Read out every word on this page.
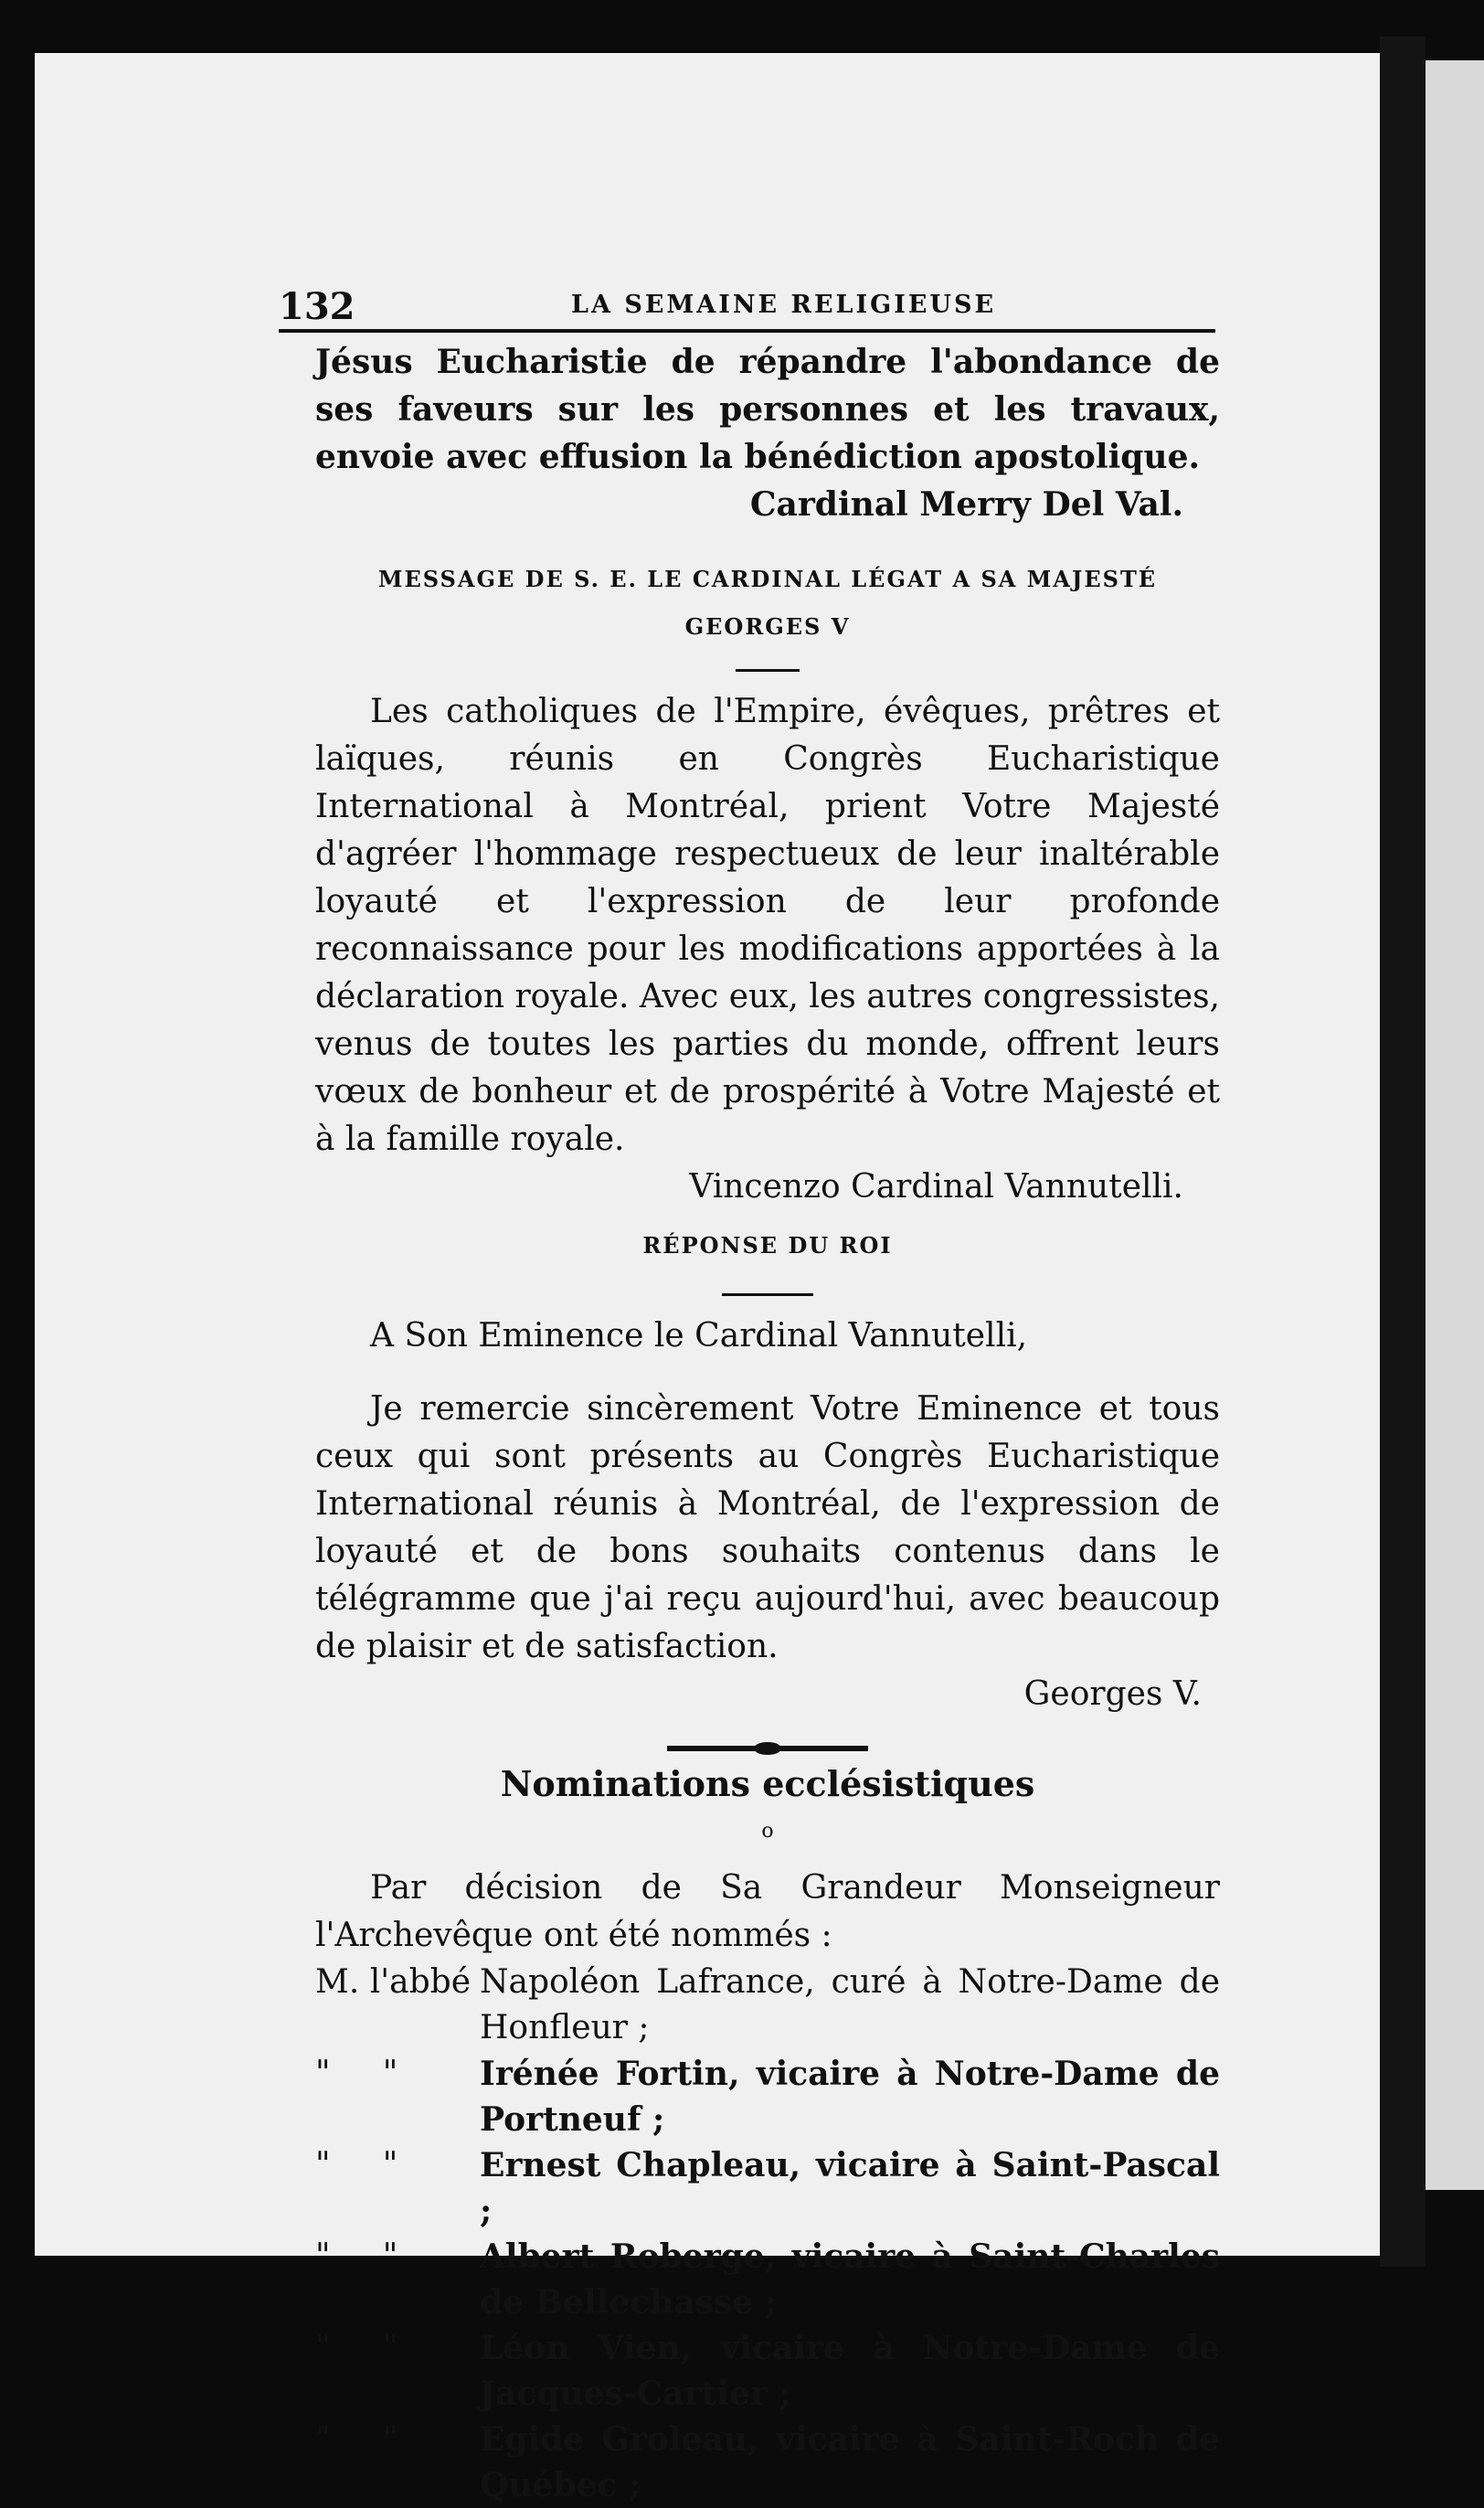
132	LA SEMAINE RELIGIEUSE

Jésus Eucharistie de répandre l'abondance de ses faveurs sur les personnes et les travaux, envoie avec effusion la bénédiction apostolique.

Cardinal Merry Del Val.

MESSAGE DE S. E. LE CARDINAL LÉGAT A SA MAJESTÉ GEORGES V

Les catholiques de l'Empire, évêques, prêtres et laïques, réunis en Congrès Eucharistique International à Montréal, prient Votre Majesté d'agréer l'hommage respectueux de leur inaltérable loyauté et l'expression de leur profonde reconnaissance pour les modifications apportées à la déclaration royale. Avec eux, les autres congressistes, venus de toutes les parties du monde, offrent leurs vœux de bonheur et de prospérité à Votre Majesté et à la famille royale.

Vincenzo Cardinal Vannutelli.

RÉPONSE DU ROI

A Son Eminence le Cardinal Vannutelli,

Je remercie sincèrement Votre Eminence et tous ceux qui sont présents au Congrès Eucharistique International réunis à Montréal, de l'expression de loyauté et de bons souhaits contenus dans le télégramme que j'ai reçu aujourd'hui, avec beaucoup de plaisir et de satisfaction.

Georges V.

Nominations ecclésistiques

o

Par décision de Sa Grandeur Monseigneur l'Archevêque ont été nommés :

M. l'abbé	Napoléon Lafrance, curé à Notre-Dame de Honfleur ;
"     "	Irénée Fortin, vicaire à Notre-Dame de Portneuf ;
"     "	Ernest Chapleau, vicaire à Saint-Pascal ;
"     "	Albert Roberge, vicaire à Saint-Charles de Bellechasse ;
"     "	Léon Vien, vicaire à Notre-Dame de Jacques-Cartier ;
"     "	Egide Groleau, vicaire à Saint-Roch de Québec ;
